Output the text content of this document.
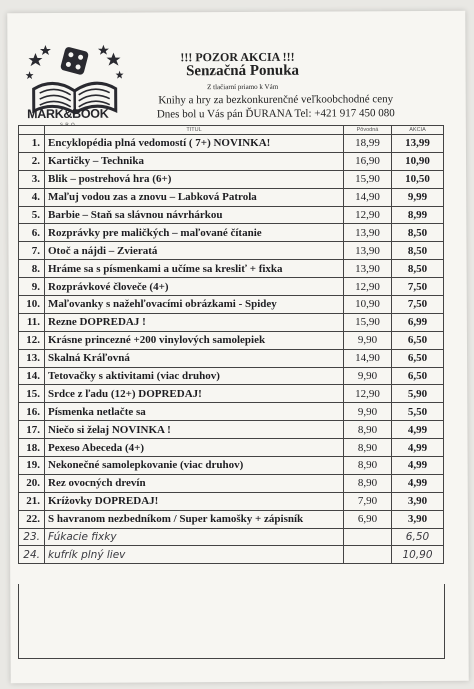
MARK&BOOK
S. R. O.
!!! POZOR AKCIA !!!
Senzačná Ponuka
Z tlačiarní priamo k Vám
Knihy a hry za bezkonkurenčné veľkoobchodné ceny
Dnes bol u Vás pán ĎURANA Tel: +421 917 450 080
	TITUL	Pôvodná	AKCIA
1.	Encyklopédia plná vedomostí ( 7+) NOVINKA!	18,99	13,99
2.	Kartičky – Technika	16,90	10,90
3.	Blik – postrehová hra (6+)	15,90	10,50
4.	Maľuj vodou zas a znovu – Labková Patrola	14,90	9,99
5.	Barbie – Staň sa slávnou návrhárkou	12,90	8,99
6.	Rozprávky pre maličkých – maľované čítanie	13,90	8,50
7.	Otoč a nájdi – Zvieratá	13,90	8,50
8.	Hráme sa s písmenkami a učíme sa kresliť + fixka	13,90	8,50
9.	Rozprávkové človeče (4+)	12,90	7,50
10.	Maľovanky s nažehľovacími obrázkami - Spidey	10,90	7,50
11.	Rezne DOPREDAJ !	15,90	6,99
12.	Krásne princezné +200 vinylových samolepiek	9,90	6,50
13.	Skalná Kráľovná	14,90	6,50
14.	Tetovačky s aktivitami (viac druhov)	9,90	6,50
15.	Srdce z ľadu (12+) DOPREDAJ!	12,90	5,90
16.	Písmenka netlačte sa	9,90	5,50
17.	Niečo si želaj NOVINKA !	8,90	4,99
18.	Pexeso Abeceda (4+)	8,90	4,99
19.	Nekonečné samolepkovanie (viac druhov)	8,90	4,99
20.	Rez ovocných drevín	8,90	4,99
21.	Kríżovky DOPREDAJ!	7,90	3,90
22.	S havranom nezbedníkom / Super kamošky + zápisník	6,90	3,90
23.	Fúkacie fixky		6,50
24.	kufrík plný liev		10,90
